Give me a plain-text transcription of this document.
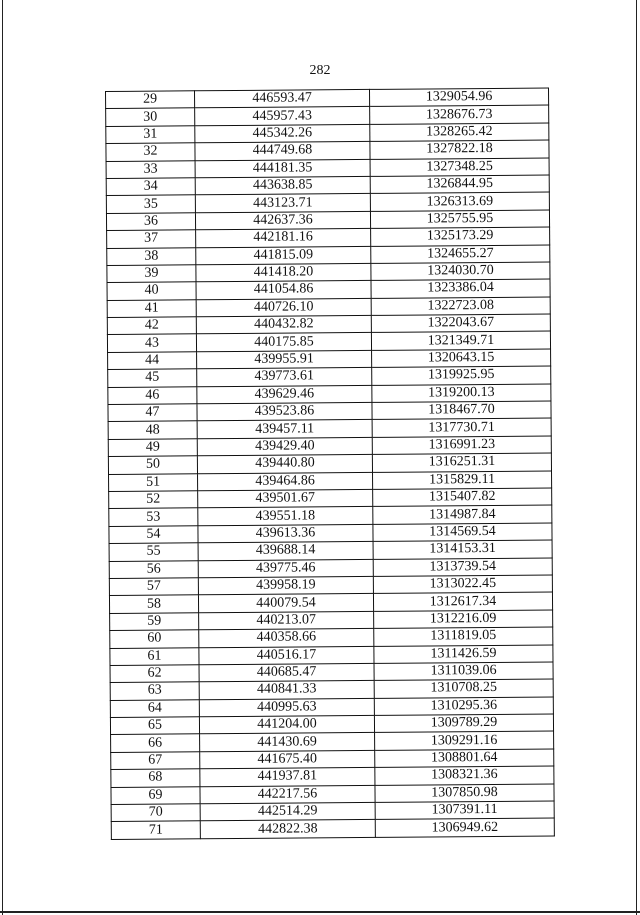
282
29	446593.47	1329054.96
30	445957.43	1328676.73
31	445342.26	1328265.42
32	444749.68	1327822.18
33	444181.35	1327348.25
34	443638.85	1326844.95
35	443123.71	1326313.69
36	442637.36	1325755.95
37	442181.16	1325173.29
38	441815.09	1324655.27
39	441418.20	1324030.70
40	441054.86	1323386.04
41	440726.10	1322723.08
42	440432.82	1322043.67
43	440175.85	1321349.71
44	439955.91	1320643.15
45	439773.61	1319925.95
46	439629.46	1319200.13
47	439523.86	1318467.70
48	439457.11	1317730.71
49	439429.40	1316991.23
50	439440.80	1316251.31
51	439464.86	1315829.11
52	439501.67	1315407.82
53	439551.18	1314987.84
54	439613.36	1314569.54
55	439688.14	1314153.31
56	439775.46	1313739.54
57	439958.19	1313022.45
58	440079.54	1312617.34
59	440213.07	1312216.09
60	440358.66	1311819.05
61	440516.17	1311426.59
62	440685.47	1311039.06
63	440841.33	1310708.25
64	440995.63	1310295.36
65	441204.00	1309789.29
66	441430.69	1309291.16
67	441675.40	1308801.64
68	441937.81	1308321.36
69	442217.56	1307850.98
70	442514.29	1307391.11
71	442822.38	1306949.62
